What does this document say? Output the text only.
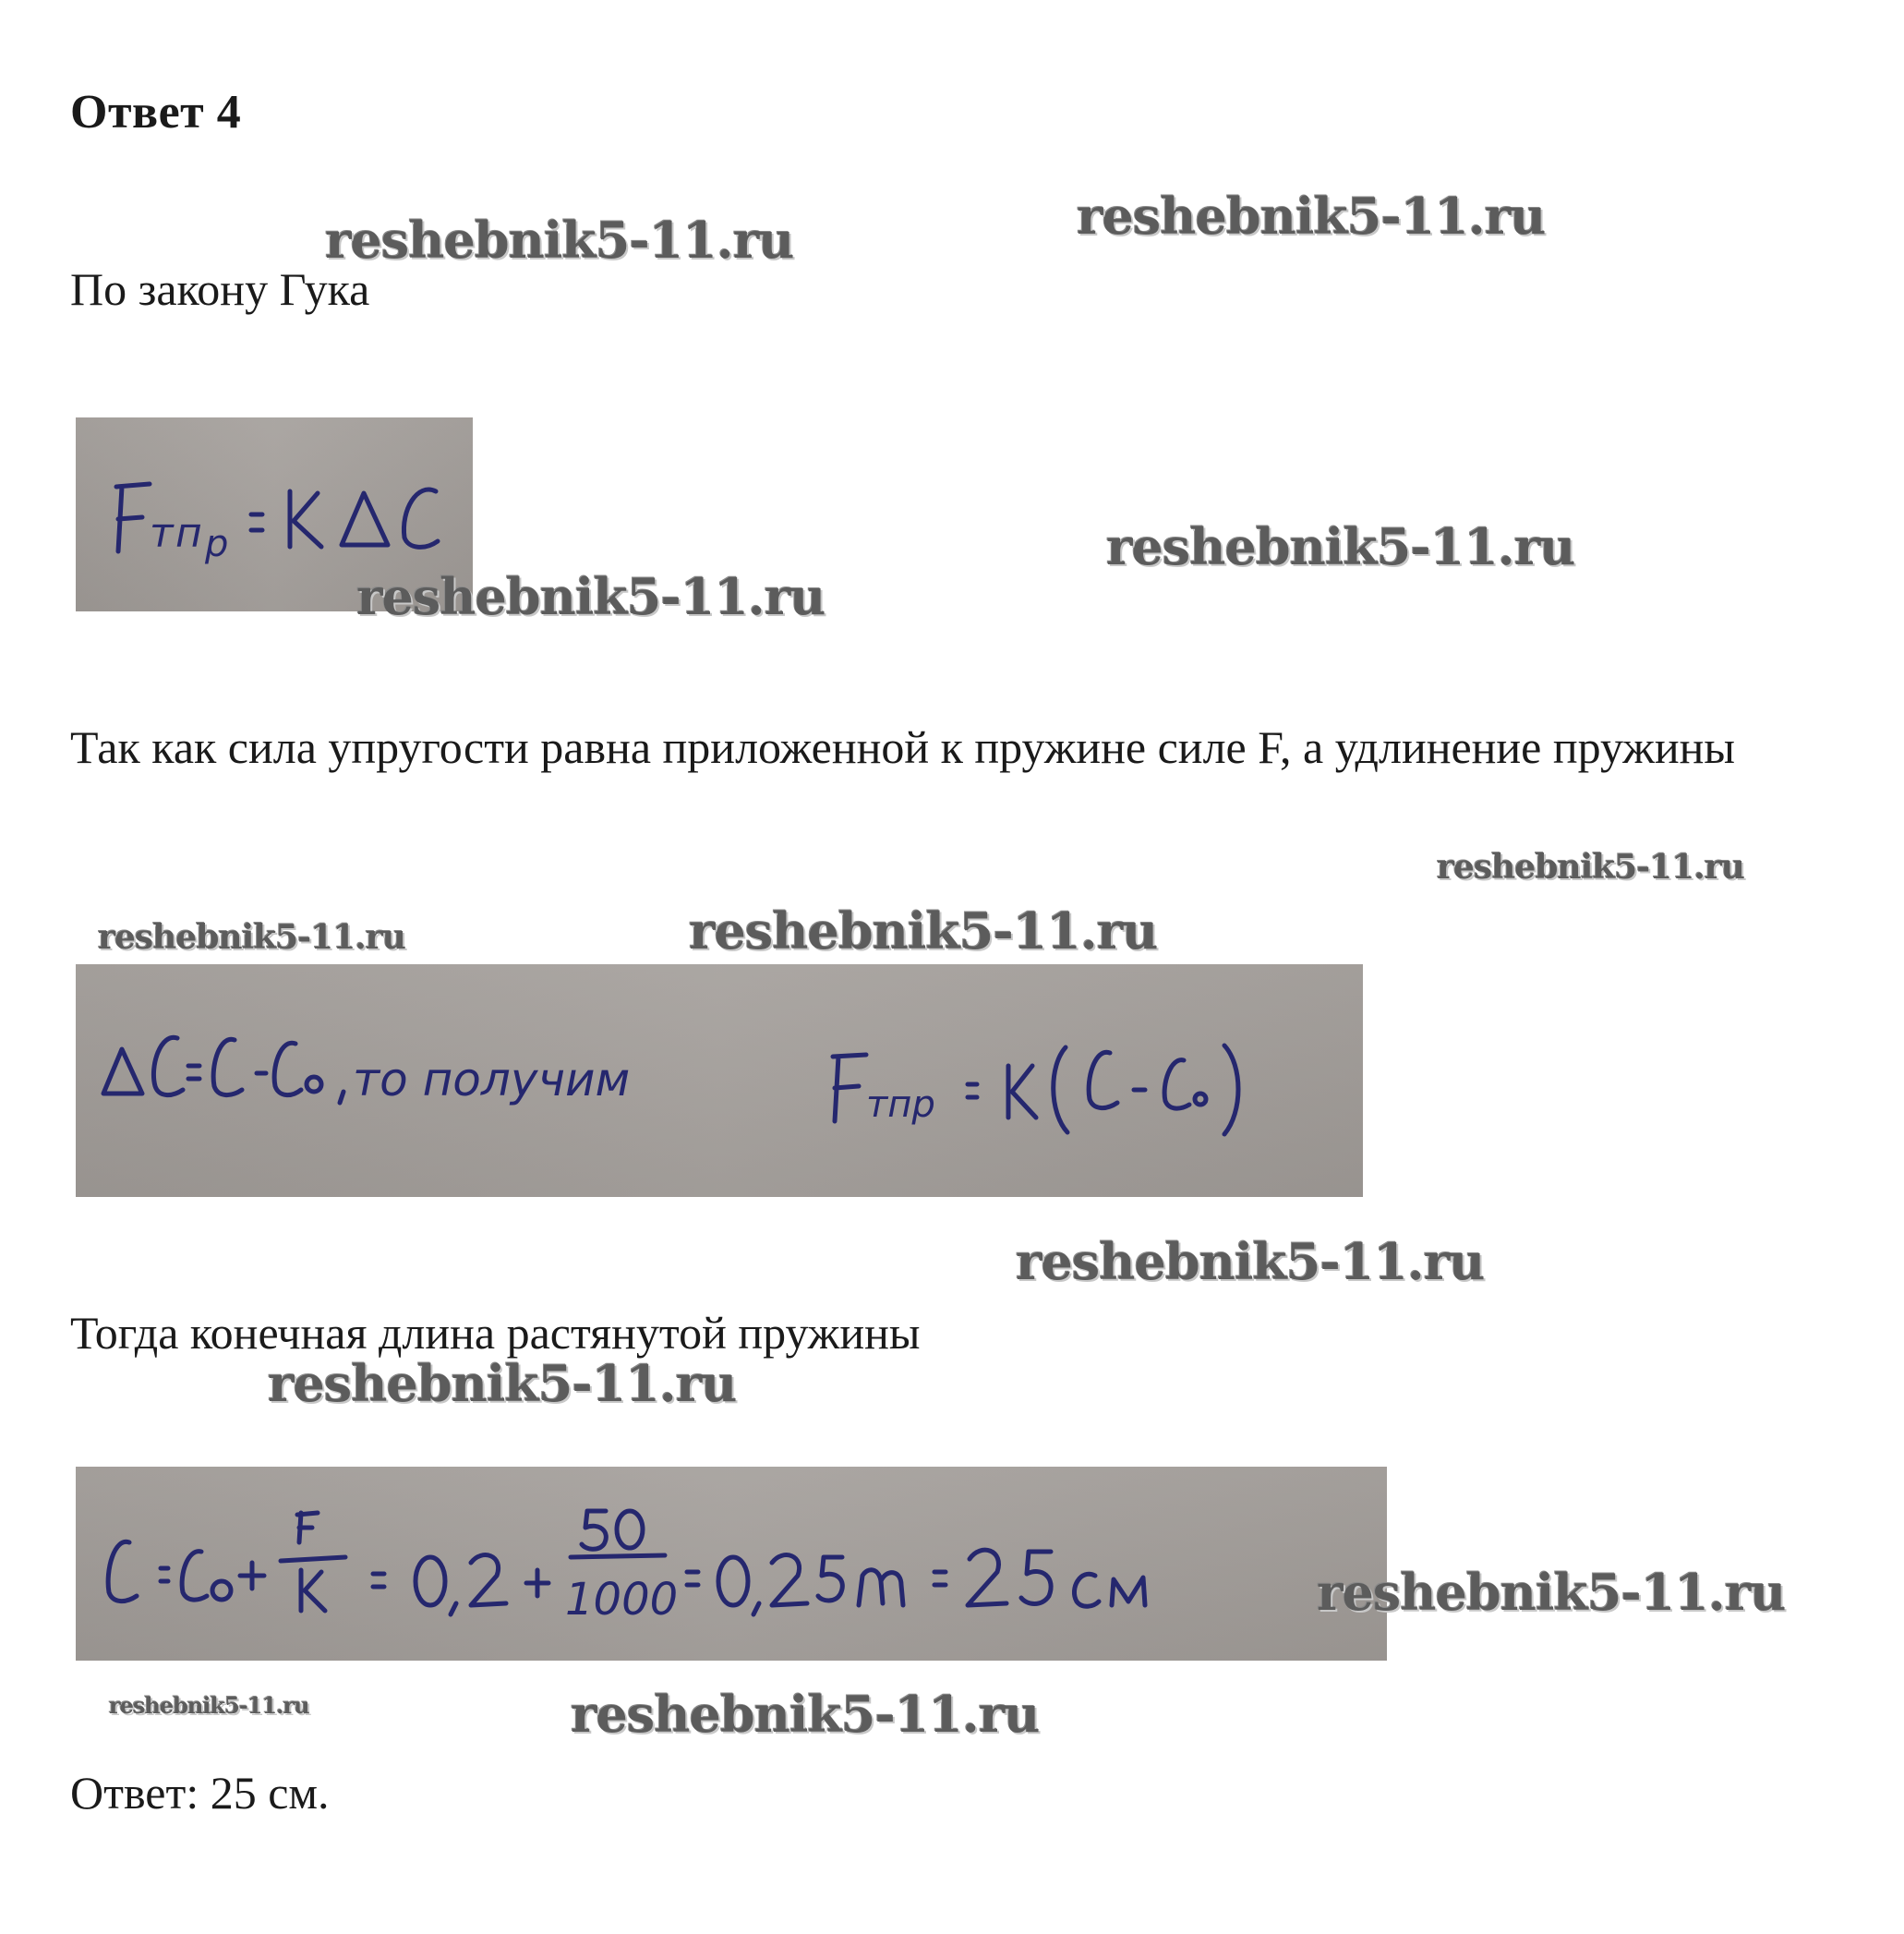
Ответ 4
По закону Гука
т п р
Так как сила упругости равна приложенной к пружине силе F, а удлинение пружины
то получим	тпр
Тогда конечная длина растянутой пружины
1000
Ответ: 25 см.
reshebnik5-11.ru	reshebnik5-11.ru
reshebnik5-11.ru
reshebnik5-11.ru
reshebnik5-11.ru
reshebnik5-11.ru	reshebnik5-11.ru
reshebnik5-11.ru
reshebnik5-11.ru
reshebnik5-11.ru
reshebnik5-11.ru	reshebnik5-11.ru
